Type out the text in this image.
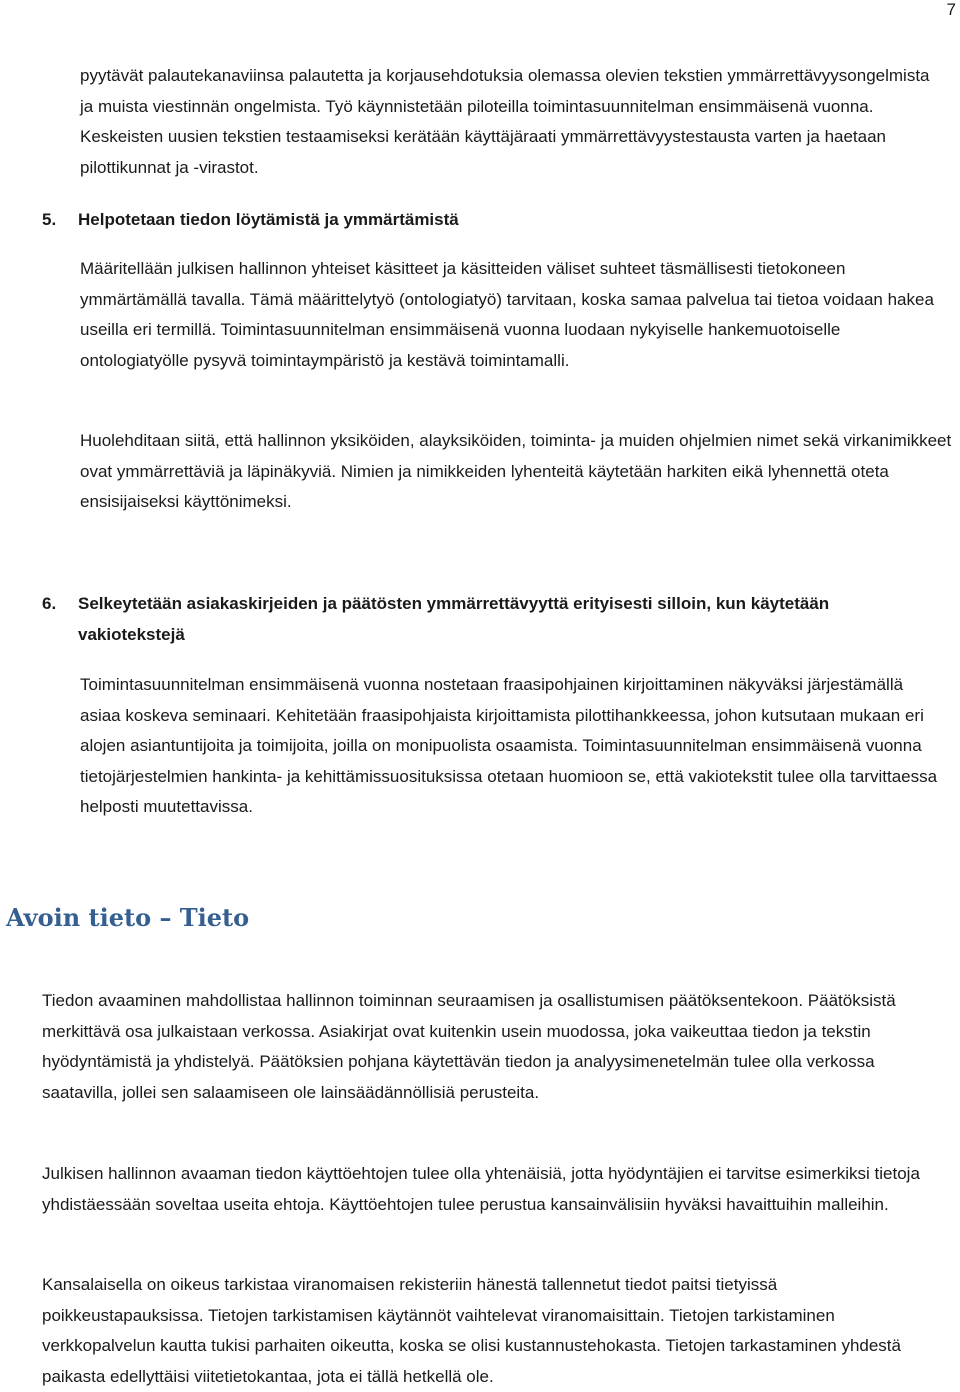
7

pyytävät palautekanaviinsa palautetta ja korjausehdotuksia olemassa olevien tekstien ymmärrettävyysongelmista ja muista viestinnän ongelmista. Työ käynnistetään piloteilla toimintasuunnitelman ensimmäisenä vuonna. Keskeisten uusien tekstien testaamiseksi kerätään käyttäjäraati ymmärrettävyystestausta varten ja haetaan pilottikunnat ja -virastot.

5. Helpotetaan tiedon löytämistä ja ymmärtämistä

Määritellään julkisen hallinnon yhteiset käsitteet ja käsitteiden väliset suhteet täsmällisesti tietokoneen ymmärtämällä tavalla. Tämä määrittelytyö (ontologiatyö) tarvitaan, koska samaa palvelua tai tietoa voidaan hakea useilla eri termillä. Toimintasuunnitelman ensimmäisenä vuonna luodaan nykyiselle hankemuotoiselle ontologiatyölle pysyvä toimintaympäristö ja kestävä toimintamalli.

Huolehditaan siitä, että hallinnon yksiköiden, alayksiköiden, toiminta- ja muiden ohjelmien nimet sekä virkanimikkeet ovat ymmärrettäviä ja läpinäkyviä. Nimien ja nimikkeiden lyhenteitä käytetään harkiten eikä lyhennettä oteta ensisijaiseksi käyttönimeksi.

6. Selkeytetään asiakaskirjeiden ja päätösten ymmärrettävyyttä erityisesti silloin, kun käytetään vakiotekstejä

Toimintasuunnitelman ensimmäisenä vuonna nostetaan fraasipohjainen kirjoittaminen näkyväksi järjestämällä asiaa koskeva seminaari. Kehitetään fraasipohjaista kirjoittamista pilottihankkeessa, johon kutsutaan mukaan eri alojen asiantuntijoita ja toimijoita, joilla on monipuolista osaamista. Toimintasuunnitelman ensimmäisenä vuonna tietojärjestelmien hankinta- ja kehittämissuosituksissa otetaan huomioon se, että vakiotekstit tulee olla tarvittaessa helposti muutettavissa.

Avoin tieto – Tieto

Tiedon avaaminen mahdollistaa hallinnon toiminnan seuraamisen ja osallistumisen päätöksentekoon. Päätöksistä merkittävä osa julkaistaan verkossa. Asiakirjat ovat kuitenkin usein muodossa, joka vaikeuttaa tiedon ja tekstin hyödyntämistä ja yhdistelyä. Päätöksien pohjana käytettävän tiedon ja analyysimenetelmän tulee olla verkossa saatavilla, jollei sen salaamiseen ole lainsäädännöllisiä perusteita.

Julkisen hallinnon avaaman tiedon käyttöehtojen tulee olla yhtenäisiä, jotta hyödyntäjien ei tarvitse esimerkiksi tietoja yhdistäessään soveltaa useita ehtoja. Käyttöehtojen tulee perustua kansainvälisiin hyväksi havaittuihin malleihin.

Kansalaisella on oikeus tarkistaa viranomaisen rekisteriin hänestä tallennetut tiedot paitsi tietyissä poikkeustapauksissa. Tietojen tarkistamisen käytännöt vaihtelevat viranomaisittain. Tietojen tarkistaminen verkkopalvelun kautta tukisi parhaiten oikeutta, koska se olisi kustannustehokasta. Tietojen tarkastaminen yhdestä paikasta edellyttäisi viitetietokantaa, jota ei tällä hetkellä ole.
